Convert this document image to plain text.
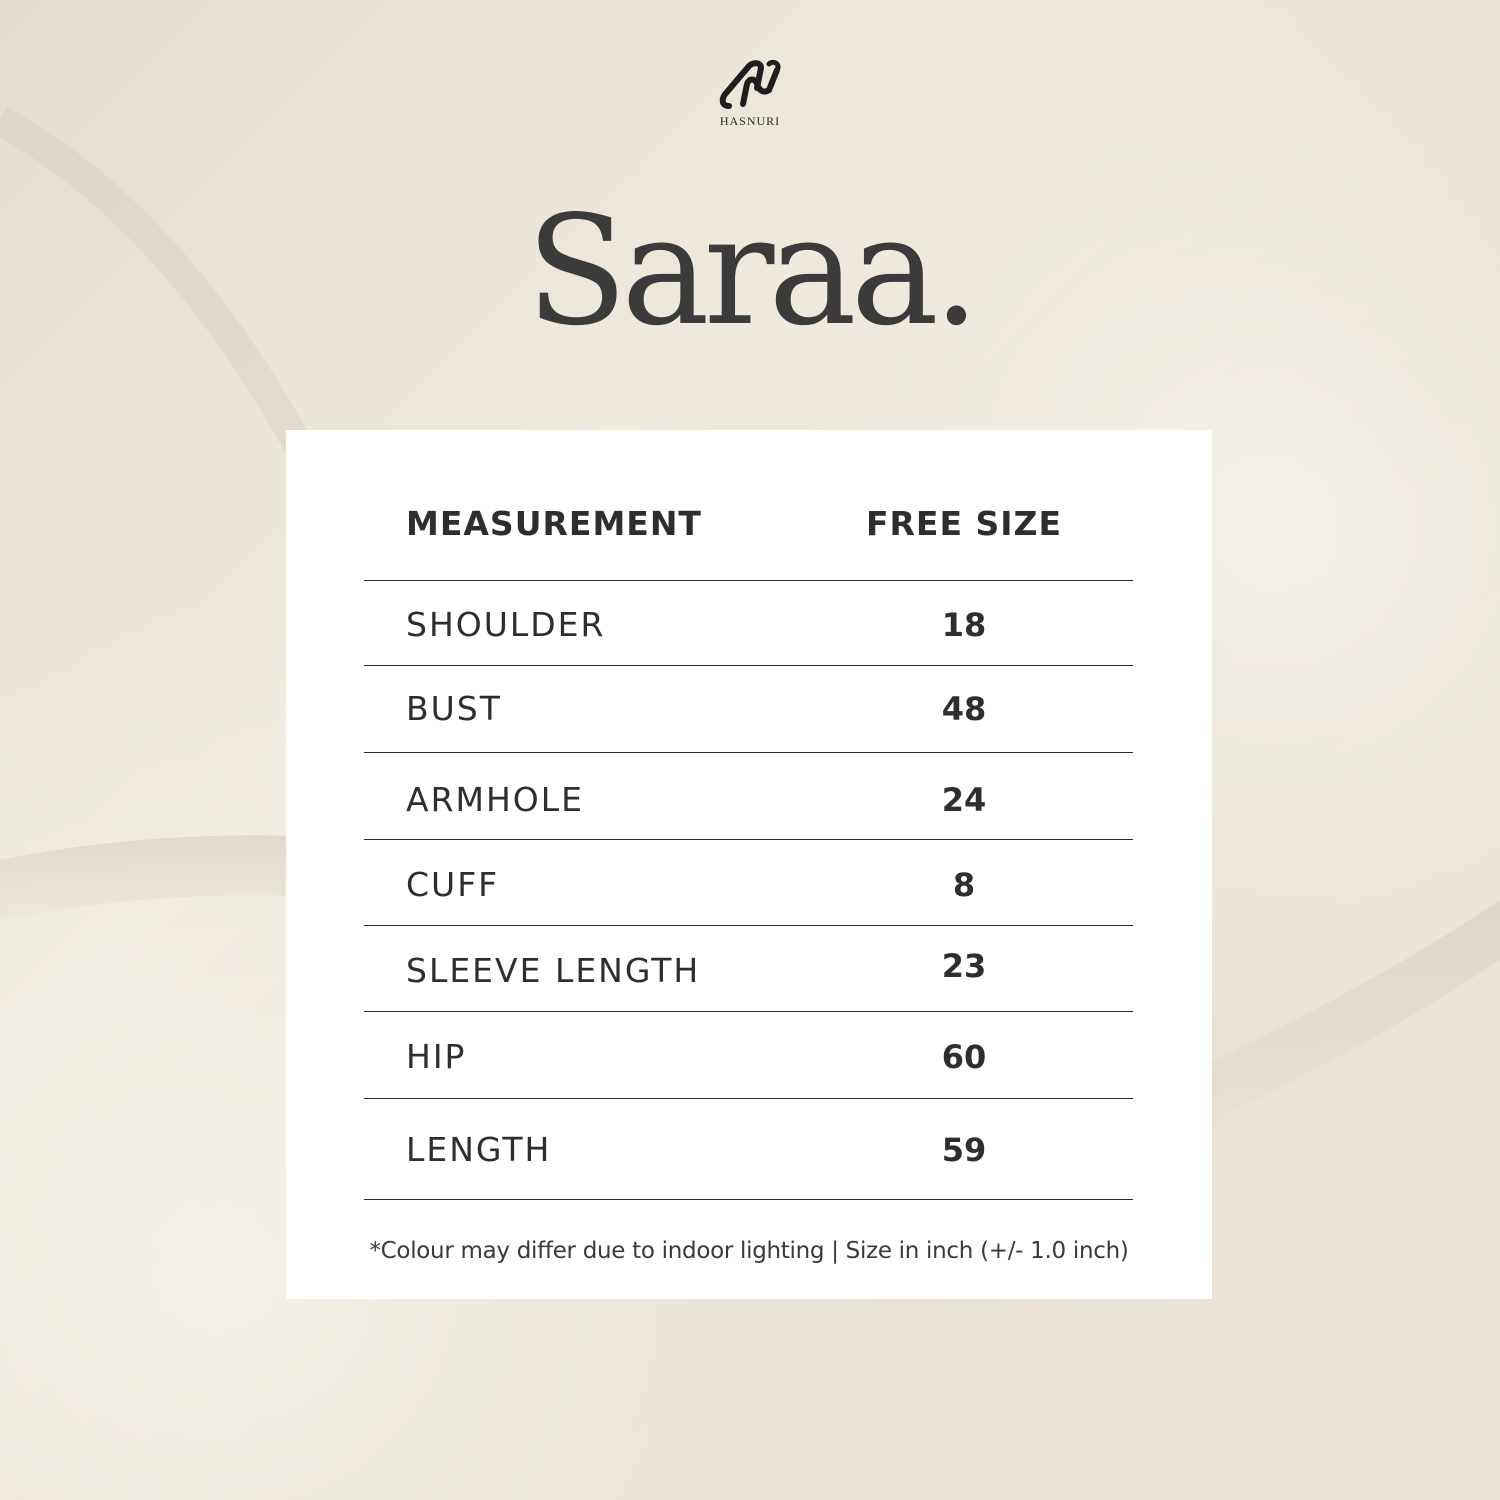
HASNURI
Saraa.
MEASUREMENT	FREE SIZE
SHOULDER	18
BUST	48
ARMHOLE	24
CUFF	8
SLEEVE LENGTH	23
HIP	60
LENGTH	59
*Colour may differ due to indoor lighting | Size in inch (+/- 1.0 inch)
